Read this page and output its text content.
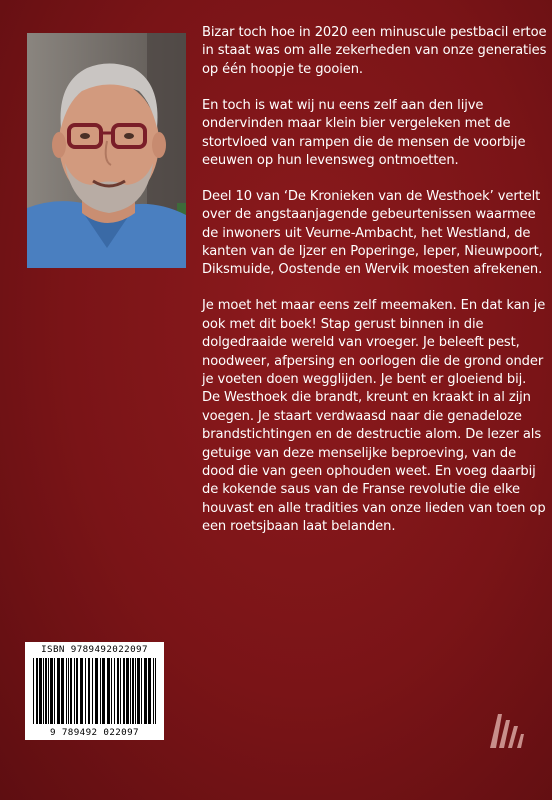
Bizar toch hoe in 2020 een minuscule pestbacil ertoe in staat was om alle zekerheden van onze generaties op één hoopje te gooien.

En toch is wat wij nu eens zelf aan den lijve ondervinden maar klein bier vergeleken met de stortvloed van rampen die de mensen de voorbije eeuwen op hun levensweg ontmoetten.

Deel 10 van ‘De Kronieken van de Westhoek’ vertelt over de angstaanjagende gebeurtenissen waarmee de inwoners uit Veurne-Ambacht, het Westland, de kanten van de Ijzer en Poperinge, Ieper, Nieuwpoort, Diksmuide, Oostende en Wervik moesten afrekenen.

Je moet het maar eens zelf meemaken. En dat kan je ook met dit boek! Stap gerust binnen in die dolgedraaide wereld van vroeger. Je beleeft pest, noodweer, afpersing en oorlogen die de grond onder je voeten doen wegglijden. Je bent er gloeiend bij. De Westhoek die brandt, kreunt en kraakt in al zijn voegen. Je staart verdwaasd naar die genadeloze brandstichtingen en de destructie alom. De lezer als getuige van deze menselijke beproeving, van de dood die van geen ophouden weet. En voeg daarbij de kokende saus van de Franse revolutie die elke houvast en alle tradities van onze lieden van toen op een roetsjbaan laat belanden.

ISBN 9789492022097
9 789492 022097
